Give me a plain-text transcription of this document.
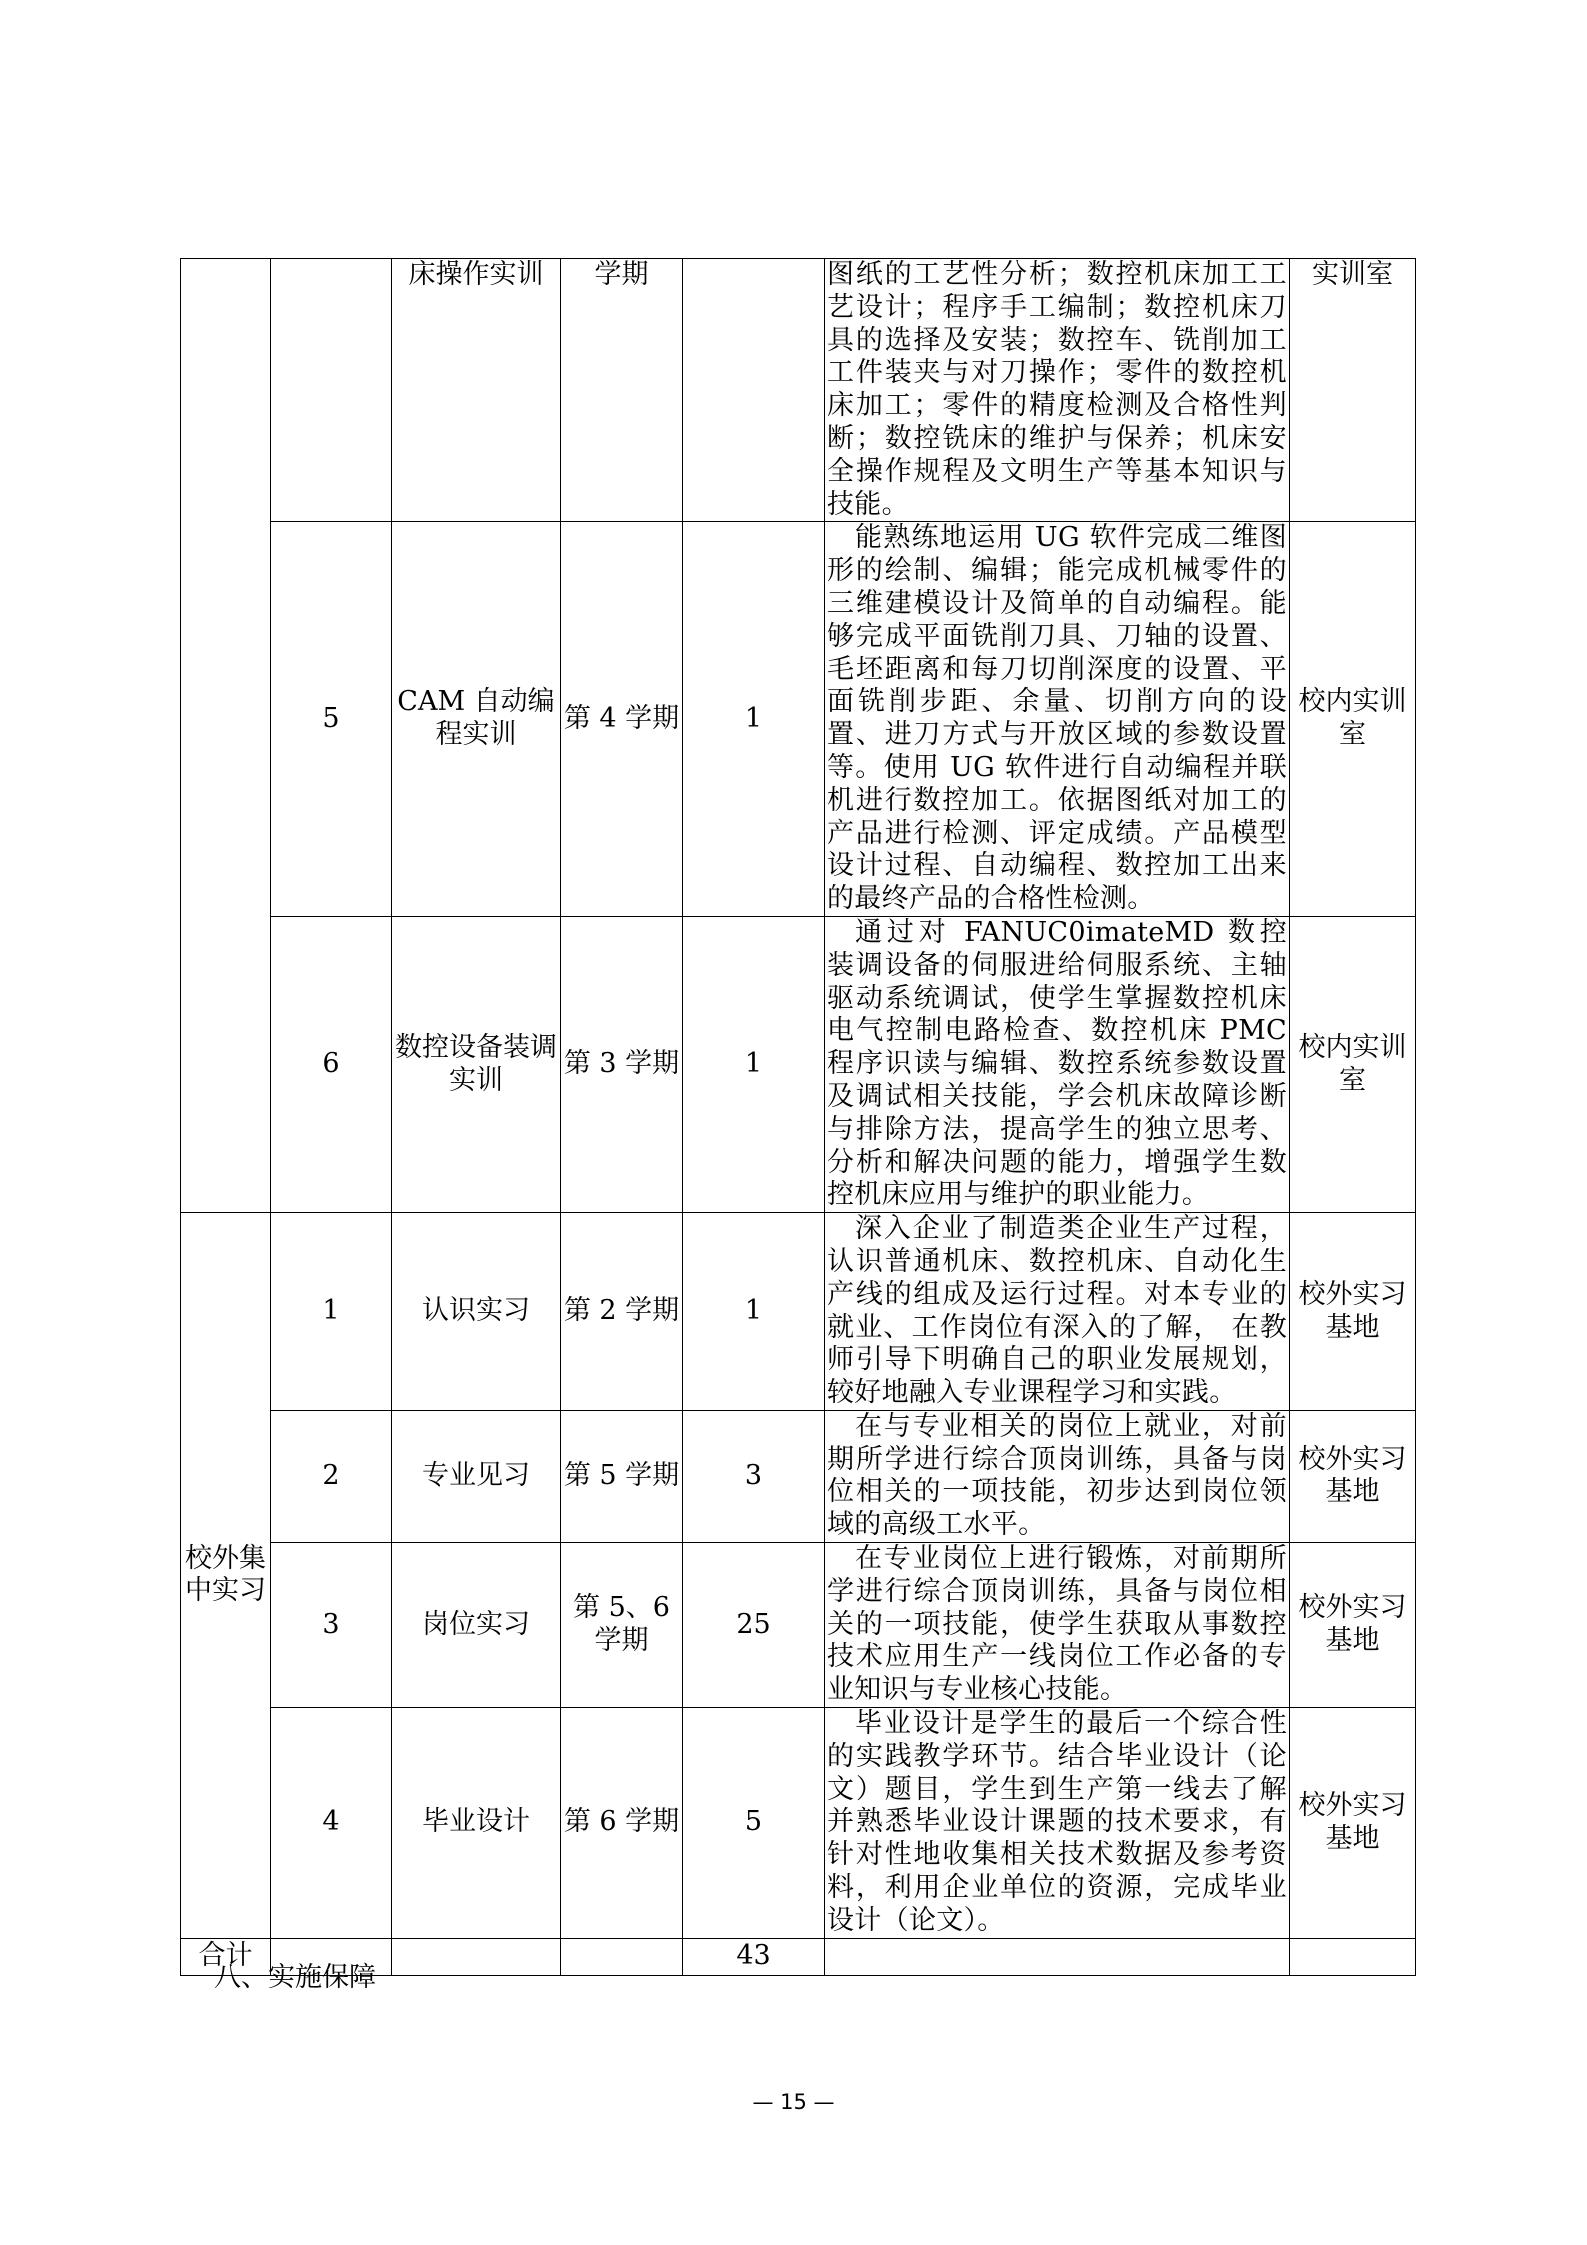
		床操作实训	学期		图纸的工艺性分析；数控机床加工工艺设计；程序手工编制；数控机床刀具的选择及安装；数控车、铣削加工工件装夹与对刀操作；零件的数控机床加工；零件的精度检测及合格性判断；数控铣床的维护与保养；机床安全操作规程及文明生产等基本知识与技能。	实训室
	5	CAM 自动编程实训	第 4 学期	1	能熟练地运用 UG 软件完成二维图形的绘制、编辑；能完成机械零件的三维建模设计及简单的自动编程。能够完成平面铣削刀具、刀轴的设置、毛坯距离和每刀切削深度的设置、平面铣削步距、余量、切削方向的设置、进刀方式与开放区域的参数设置等。使用 UG 软件进行自动编程并联机进行数控加工。依据图纸对加工的产品进行检测、评定成绩。产品模型设计过程、自动编程、数控加工出来的最终产品的合格性检测。	校内实训室
	6	数控设备装调实训	第 3 学期	1	通过对 FANUC0imateMD 数控装调设备的伺服进给伺服系统、主轴驱动系统调试，使学生掌握数控机床电气控制电路检查、数控机床 PMC 程序识读与编辑、数控系统参数设置及调试相关技能，学会机床故障诊断与排除方法，提高学生的独立思考、分析和解决问题的能力，增强学生数控机床应用与维护的职业能力。	校内实训室
校外集中实习	1	认识实习	第 2 学期	1	深入企业了制造类企业生产过程，认识普通机床、数控机床、自动化生产线的组成及运行过程。对本专业的就业、工作岗位有深入的了解， 在教师引导下明确自己的职业发展规划，较好地融入专业课程学习和实践。	校外实习基地
	2	专业见习	第 5 学期	3	在与专业相关的岗位上就业，对前期所学进行综合顶岗训练，具备与岗位相关的一项技能，初步达到岗位领域的高级工水平。	校外实习基地
	3	岗位实习	第 5、6 学期	25	在专业岗位上进行锻炼，对前期所学进行综合顶岗训练，具备与岗位相关的一项技能，使学生获取从事数控技术应用生产一线岗位工作必备的专业知识与专业核心技能。	校外实习基地
	4	毕业设计	第 6 学期	5	毕业设计是学生的最后一个综合性的实践教学环节。结合毕业设计（论文）题目，学生到生产第一线去了解并熟悉毕业设计课题的技术要求，有针对性地收集相关技术数据及参考资料，利用企业单位的资源，完成毕业设计（论文）。	校外实习基地
合计				43		
八、实施保障
— 15 —
